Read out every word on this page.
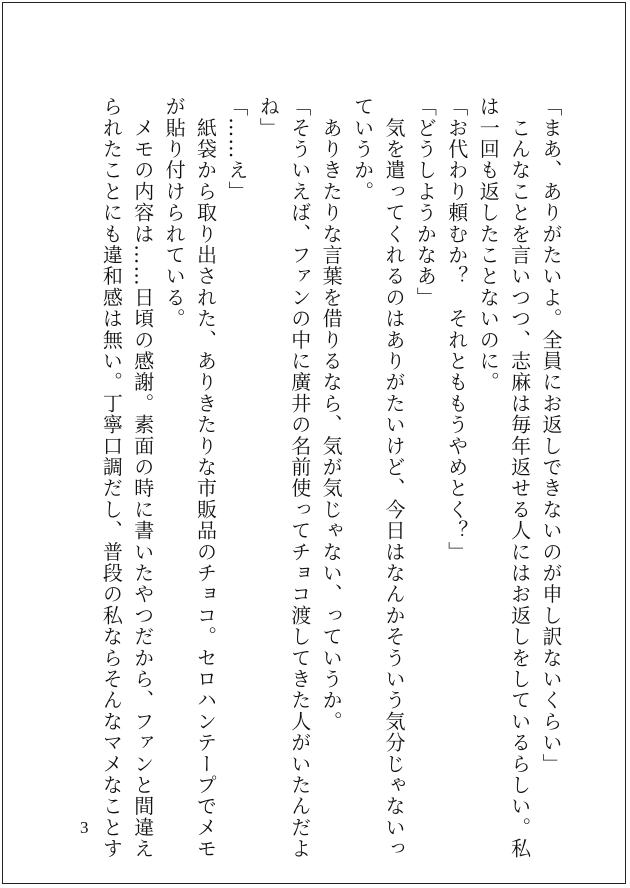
「まあ、ありがたいよ。全員にお返しできないのが申し訳ないくらい」
　こんなことを言いつつ、志麻は毎年返せる人にはお返しをしているらしい。私
は一回も返したことないのに。
「お代わり頼むか？　それとももうやめとく？」
「どうしようかなあ」
　気を遣ってくれるのはありがたいけど、今日はなんかそういう気分じゃないっ
ていうか。
　ありきたりな言葉を借りるなら、気が気じゃない、っていうか。
「そういえば、ファンの中に廣井の名前使ってチョコ渡してきた人がいたんだよ
ね」
「……え」
　紙袋から取り出された、ありきたりな市販品のチョコ。セロハンテープでメモ
が貼り付けられている。
　メモの内容は……日頃の感謝。素面の時に書いたやつだから、ファンと間違え
られたことにも違和感は無い。丁寧口調だし、普段の私ならそんなマメなことす
3
